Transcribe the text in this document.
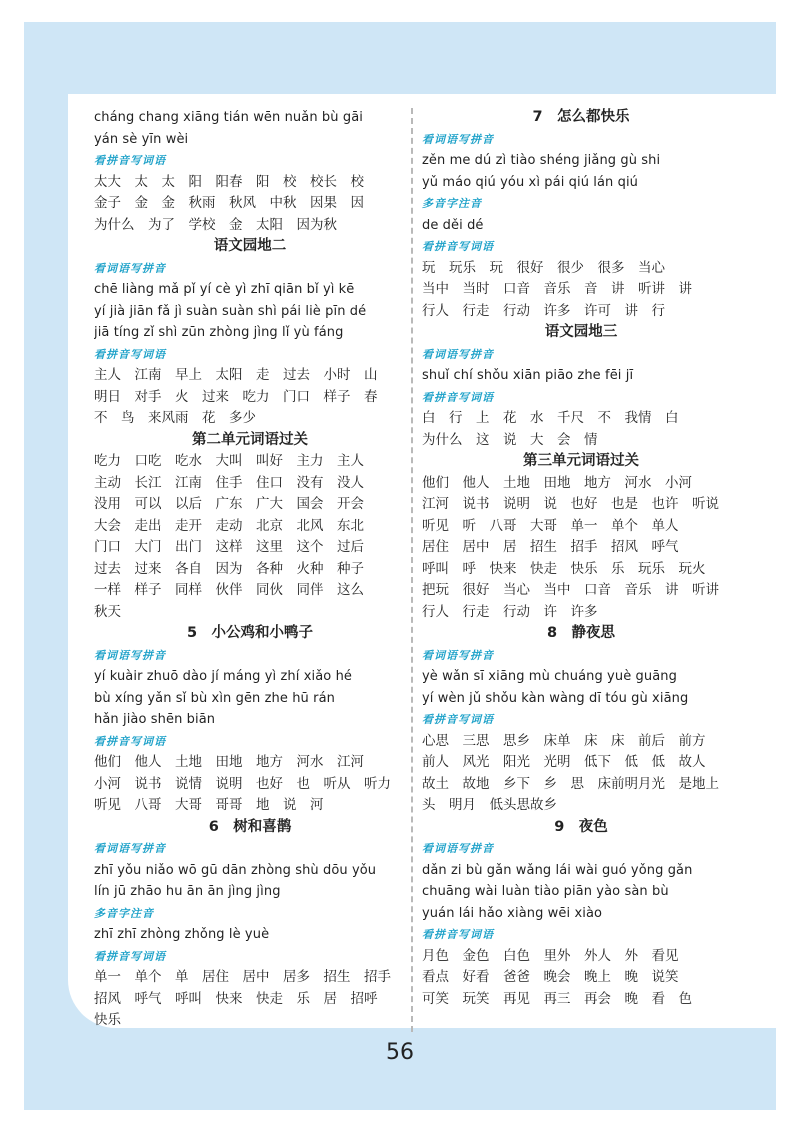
cháng chang xiāng tián wēn nuǎn bù gāi
yán sè yīn wèi
看拼音写词语
太大　太　太　阳　阳春　阳　校　校长　校
金子　金　金　秋雨　秋风　中秋　因果　因
为什么　为了　学校　金　太阳　因为秋
语文园地二
看词语写拼音
chē liàng mǎ pǐ yí cè yì zhī qiān bǐ yì kē
yí jià jiān fǎ jì suàn suàn shì pái liè pīn dé
jiā tíng zǐ shì zūn zhòng jìng lǐ yù fáng
看拼音写词语
主人　江南　早上　太阳　走　过去　小时　山
明日　对手　火　过来　吃力　门口　样子　春
不　鸟　来风雨　花　多少
第二单元词语过关
吃力　口吃　吃水　大叫　叫好　主力　主人
主动　长江　江南　住手　住口　没有　没人
没用　可以　以后　广东　广大　国会　开会
大会　走出　走开　走动　北京　北风　东北
门口　大门　出门　这样　这里　这个　过后
过去　过来　各自　因为　各种　火种　种子
一样　样子　同样　伙伴　同伙　同伴　这么
秋天
5　小公鸡和小鸭子
看词语写拼音
yí kuàir zhuō dào jí máng yì zhí xiǎo hé
bù xíng yǎn sǐ bù xìn gēn zhe hū rán
hǎn jiào shēn biān
看拼音写词语
他们　他人　土地　田地　地方　河水　江河
小河　说书　说情　说明　也好　也　听从　听力
听见　八哥　大哥　哥哥　地　说　河
6　树和喜鹊
看词语写拼音
zhī yǒu niǎo wō gū dān zhòng shù dōu yǒu
lín jū zhāo hu ān ān jìng jìng
多音字注音
zhī zhī zhòng zhǒng lè yuè
看拼音写词语
单一　单个　单　居住　居中　居多　招生　招手
招风　呼气　呼叫　快来　快走　乐　居　招呼
快乐
7　怎么都快乐
看词语写拼音
zěn me dú zì tiào shéng jiǎng gù shi
yǔ máo qiú yóu xì pái qiú lán qiú
多音字注音
de děi dé
看拼音写词语
玩　玩乐　玩　很好　很少　很多　当心
当中　当时　口音　音乐　音　讲　听讲　讲
行人　行走　行动　许多　许可　讲　行
语文园地三
看词语写拼音
shuǐ chí shǒu xiān piāo zhe fēi jī
看拼音写词语
白　行　上　花　水　千尺　不　我情　白
为什么　这　说　大　会　情
第三单元词语过关
他们　他人　土地　田地　地方　河水　小河
江河　说书　说明　说　也好　也是　也许　听说
听见　听　八哥　大哥　单一　单个　单人
居住　居中　居　招生　招手　招风　呼气
呼叫　呼　快来　快走　快乐　乐　玩乐　玩火
把玩　很好　当心　当中　口音　音乐　讲　听讲
行人　行走　行动　许　许多
8　静夜思
看词语写拼音
yè wǎn sī xiāng mù chuáng yuè guāng
yí wèn jǔ shǒu kàn wàng dī tóu gù xiāng
看拼音写词语
心思　三思　思乡　床单　床　床　前后　前方
前人　风光　阳光　光明　低下　低　低　故人
故土　故地　乡下　乡　思　床前明月光　是地上
头　明月　低头思故乡
9　夜色
看词语写拼音
dǎn zi bù gǎn wǎng lái wài guó yǒng gǎn
chuāng wài luàn tiào piān yào sàn bù
yuán lái hǎo xiàng wēi xiào
看拼音写词语
月色　金色　白色　里外　外人　外　看见
看点　好看　爸爸　晚会　晚上　晚　说笑
可笑　玩笑　再见　再三　再会　晚　看　色
56
